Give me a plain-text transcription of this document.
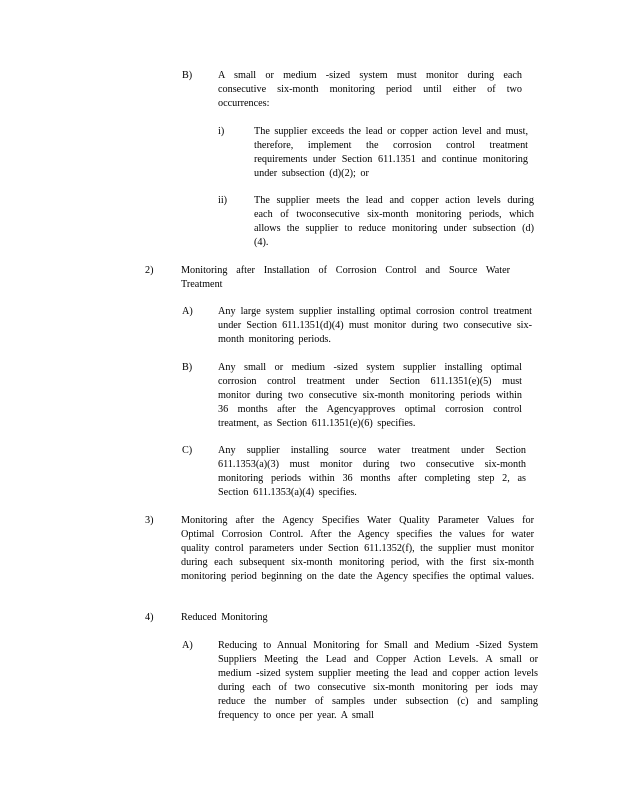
B)	A small or medium -sized system must monitor during each consecutive six-month monitoring period until either of two occurrences:
i)	The supplier exceeds the lead or copper action level and must, therefore, implement the corrosion control treatment requirements under Section 611.1351 and continue monitoring under subsection (d)(2); or
ii)	The supplier meets the lead and copper action levels during each of twoconsecutive six-month monitoring periods, which allows the supplier to reduce monitoring under subsection (d)(4).
2)	Monitoring after Installation of Corrosion Control and Source Water Treatment
A)	Any large system supplier installing optimal corrosion control treatment under Section 611.1351(d)(4) must monitor during two consecutive six-month monitoring periods.
B)	Any small or medium -sized system supplier installing optimal corrosion control treatment under Section 611.1351(e)(5) must monitor during two consecutive six-month monitoring periods within 36 months after the Agencyapproves optimal corrosion control treatment, as Section 611.1351(e)(6) specifies.
C)	Any supplier installing source water treatment under Section 611.1353(a)(3) must monitor during two consecutive six-month monitoring periods within 36 months after completing step 2, as Section 611.1353(a)(4) specifies.
3)	Monitoring after the Agency Specifies Water Quality Parameter Values for Optimal Corrosion Control. After the Agency specifies the values for water quality control parameters under Section 611.1352(f), the supplier must monitor during each subsequent six-month monitoring period, with the first six-month monitoring period beginning on the date the Agency specifies the optimal values.
4)	Reduced Monitoring
A)	Reducing to Annual Monitoring for Small and Medium -Sized System Suppliers Meeting the Lead and Copper Action Levels. A small or medium -sized system supplier meeting the lead and copper action levels during each of two consecutive six-month monitoring per iods may reduce the number of samples under subsection (c) and sampling frequency to once per year. A small
